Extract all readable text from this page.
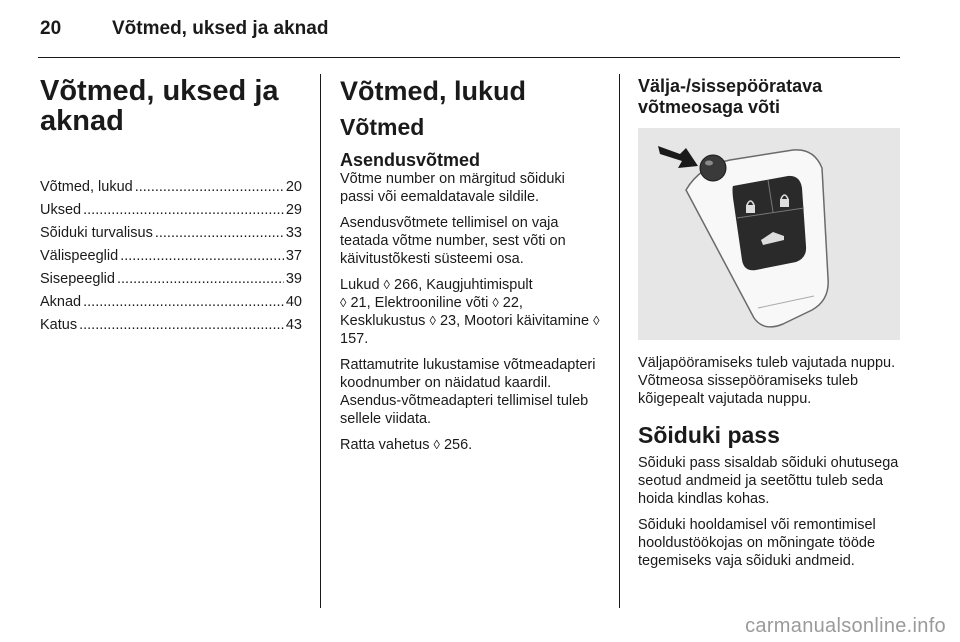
20	Võtmed, uksed ja aknad
Võtmed, uksed ja aknad
Võtmed, lukud .....	20
Uksed .....	29
Sõiduki turvalisus .....	33
Välispeeglid .....	37
Sisepeeglid .....	39
Aknad .....	40
Katus .....	43
Võtmed, lukud
Võtmed
Asendusvõtmed

Võtme number on märgitud sõiduki passi või eemaldatavale sildile.

Asendusvõtmete tellimisel on vaja teatada võtme number, sest võti on käivitustõkesti süsteemi osa.

Lukud ◊ 266, Kaugjuhtimispult
◊ 21, Elektrooniline võti ◊ 22, Kesklukustus ◊ 23, Mootori käivitamine ◊ 157.

Rattamutrite lukustamise võtmeadapteri koodnumber on näidatud kaardil. Asendus-võtmeadapteri tellimisel tuleb sellele viidata.

Ratta vahetus ◊ 256.

Välja-/sissepööratava võtmeosaga võti

Väljapööramiseks tuleb vajutada nuppu. Võtmeosa sissepööramiseks tuleb kõigepealt vajutada nuppu.

Sõiduki pass

Sõiduki pass sisaldab sõiduki ohutusega seotud andmeid ja seetõttu tuleb seda hoida kindlas kohas.

Sõiduki hooldamisel või remontimisel hooldustöökojas on mõningate tööde tegemiseks vaja sõiduki andmeid.

carmanualsonline.info
